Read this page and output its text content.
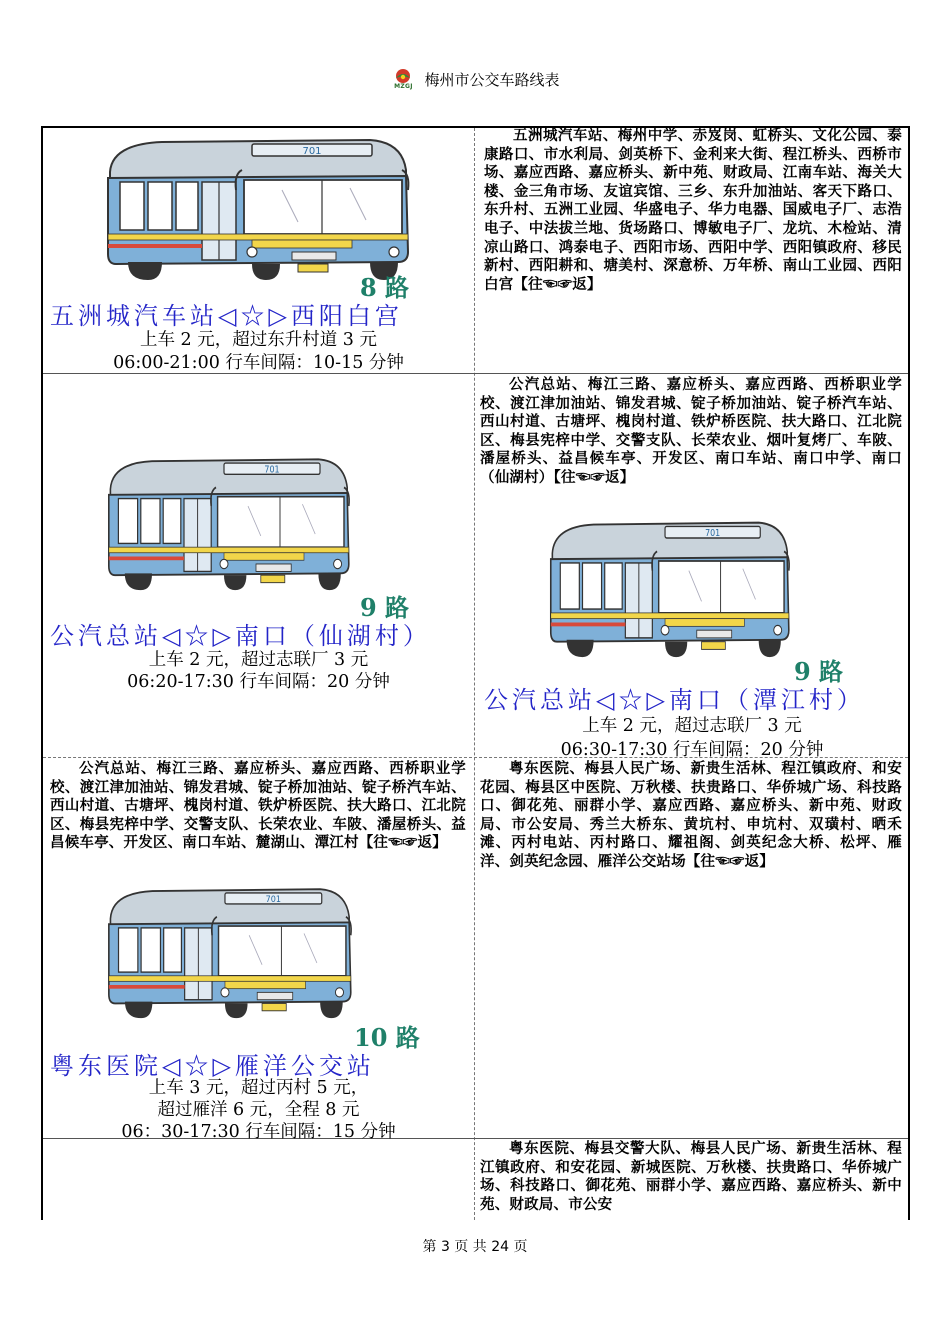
MZGJ 梅州市公交车路线表
8 路
五洲城汽车站◁☆▷西阳白宫
上车 2 元，超过东升村道 3 元
06:00-21:00 行车间隔：10-15 分钟
五洲城汽车站、梅州中学、赤岌岗、虹桥头、文化公园、泰康路口、市水利局、剑英桥下、金利来大街、程江桥头、西桥市场、嘉应西路、嘉应桥头、新中苑、财政局、江南车站、海关大楼、金三角市场、友谊宾馆、三乡、东升加油站、客天下路口、东升村、五洲工业园、华盛电子、华力电器、国威电子厂、志浩电子、中法拔兰地、货场路口、博敏电子厂、龙坑、木检站、清凉山路口、鸿泰电子、西阳市场、西阳中学、西阳镇政府、移民新村、西阳耕和、塘美村、深意桥、万年桥、南山工业园、西阳白宫【往☜☞返】
9 路
公汽总站◁☆▷南口（仙湖村）
上车 2 元，超过志联厂 3 元
06:20-17:30 行车间隔：20 分钟
公汽总站、梅江三路、嘉应桥头、嘉应西路、西桥职业学校、渡江津加油站、锦发君城、锭子桥加油站、锭子桥汽车站、西山村道、古塘坪、槐岗村道、铁炉桥医院、扶大路口、江北院区、梅县宪梓中学、交警支队、长荣农业、烟叶复烤厂、车陂、潘屋桥头、益昌候车亭、开发区、南口车站、南口中学、南口（仙湖村）【往☜☞返】
9 路
公汽总站◁☆▷南口（潭江村）
上车 2 元，超过志联厂 3 元
06:30-17:30 行车间隔：20 分钟
公汽总站、梅江三路、嘉应桥头、嘉应西路、西桥职业学校、渡江津加油站、锦发君城、锭子桥加油站、锭子桥汽车站、西山村道、古塘坪、槐岗村道、铁炉桥医院、扶大路口、江北院区、梅县宪梓中学、交警支队、长荣农业、车陂、潘屋桥头、益昌候车亭、开发区、南口车站、麓湖山、潭江村【往☜☞返】
10 路
粤东医院◁☆▷雁洋公交站
上车 3 元，超过丙村 5 元，
超过雁洋 6 元，全程 8 元
06：30-17:30 行车间隔：15 分钟
粤东医院、梅县人民广场、新贵生活林、程江镇政府、和安花园、梅县区中医院、万秋楼、扶贵路口、华侨城广场、科技路口、御花苑、丽群小学、嘉应西路、嘉应桥头、新中苑、财政局、市公安局、秀兰大桥东、黄坑村、申坑村、双璜村、晒禾滩、丙村电站、丙村路口、耀祖阁、剑英纪念大桥、松坪、雁洋、剑英纪念园、雁洋公交站场【往☜☞返】
粤东医院、梅县交警大队、梅县人民广场、新贵生活林、程江镇政府、和安花园、新城医院、万秋楼、扶贵路口、华侨城广场、科技路口、御花苑、丽群小学、嘉应西路、嘉应桥头、新中苑、财政局、市公安
第 3 页 共 24 页
